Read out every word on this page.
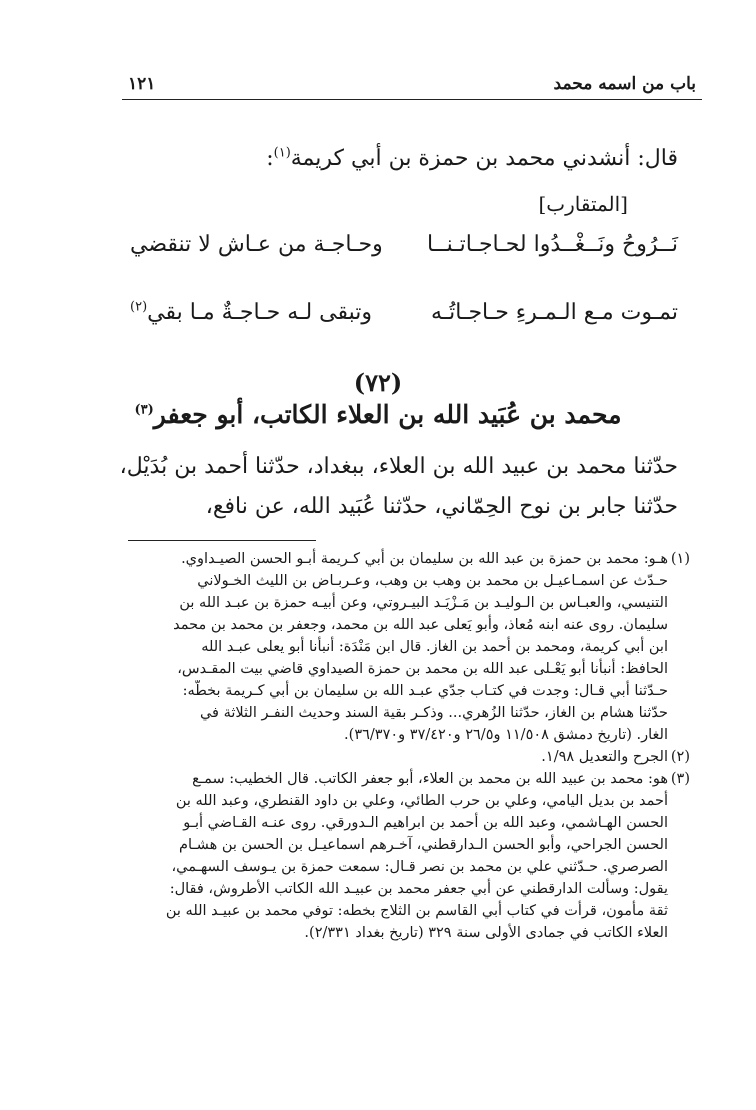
باب من اسمه محمد
١٢١
قال: أنشدني محمد بن حمزة بن أبي كريمة$^{(١)}$:
[المتقارب]
نَــرُوحُ ونَــغْــدُوا لحـاجـاتـنــا
وحـاجـة من عـاش لا تنقضي
تمـوت مـع الـمـرءِ حـاجـاتُـه
وتبقى لـه حـاجـةٌ مـا بقي$^{(٢)}$
(٧٢)
محمد بن عُبَيد الله بن العلاء الكاتب، أبو جعفر$^{(٣)}$
حدّثنا محمد بن عبيد الله بن العلاء، ببغداد، حدّثنا أحمد بن بُدَيْل،
حدّثنا جابر بن نوح الحِمّاني، حدّثنا عُبَيد الله، عن نافع،
(١)
هـو: محمد بن حمزة بن عبد الله بن سليمان بن أبي كـريمة أبـو الحسن الصيـداوي.
حـدّث عن اسمـاعيـل بن محمد بن وهب بن وهب، وعـربـاض بن الليث الخـولاني
التنيسي، والعبـاس بن الـوليـد بن مَـزْيَـد البيـروتي، وعن أبيـه حمزة بن عبـد الله بن
سليمان. روى عنه ابنه مُعاذ، وأبو يَعلى عبد الله بن محمد، وجعفر بن محمد بن محمد
ابن أبي كريمة، ومحمد بن أحمد بن الغاز. قال ابن مَنْدَة: أنبأنا أبو يعلى عبـد الله
الحافظ: أنبأنا أبو يَعْـلى عبد الله بن محمد بن حمزة الصيداوي قاضي بيت المقـدس،
حـدّثنا أبي قـال: وجدت في كتـاب جدّي عبـد الله بن سليمان بن أبي كـريمة بخطّه:
حدّثنا هشام بن الغاز، حدّثنا الزُهري... وذكـر بقية السند وحديث النفـر الثلاثة في
الغار. (تاريخ دمشق ١١/٥٠٨ و٢٦/٥ و٣٧/٤٢٠ و٣٦/٣٧٠).
(٢)
الجرح والتعديل ١/٩٨.
(٣)
هو: محمد بن عبيد الله بن محمد بن العلاء، أبو جعفر الكاتب. قال الخطيب: سمـع
أحمد بن بديل اليامي، وعلي بن حرب الطائي، وعلي بن داود القنطري، وعبد الله بن
الحسن الهـاشمي، وعبد الله بن أحمد بن ابراهيم الـدورقي. روى عنـه القـاضي أبـو
الحسن الجراحي، وأبو الحسن الـدارقطني، آخـرهم اسماعيـل بن الحسن بن هشـام
الصرصري. حـدّثني علي بن محمد بن نصر قـال: سمعت حمزة بن يـوسف السهـمي،
يقول: وسألت الدارقطني عن أبي جعفر محمد بن عبيـد الله الكاتب الأطروش، فقال:
ثقة مأمون، قرأت في كتاب أبي القاسم بن الثلاج بخطه: توفي محمد بن عبيـد الله بن
العلاء الكاتب في جمادى الأولى سنة ٣٢٩ (تاريخ بغداد ٢/٣٣١).
